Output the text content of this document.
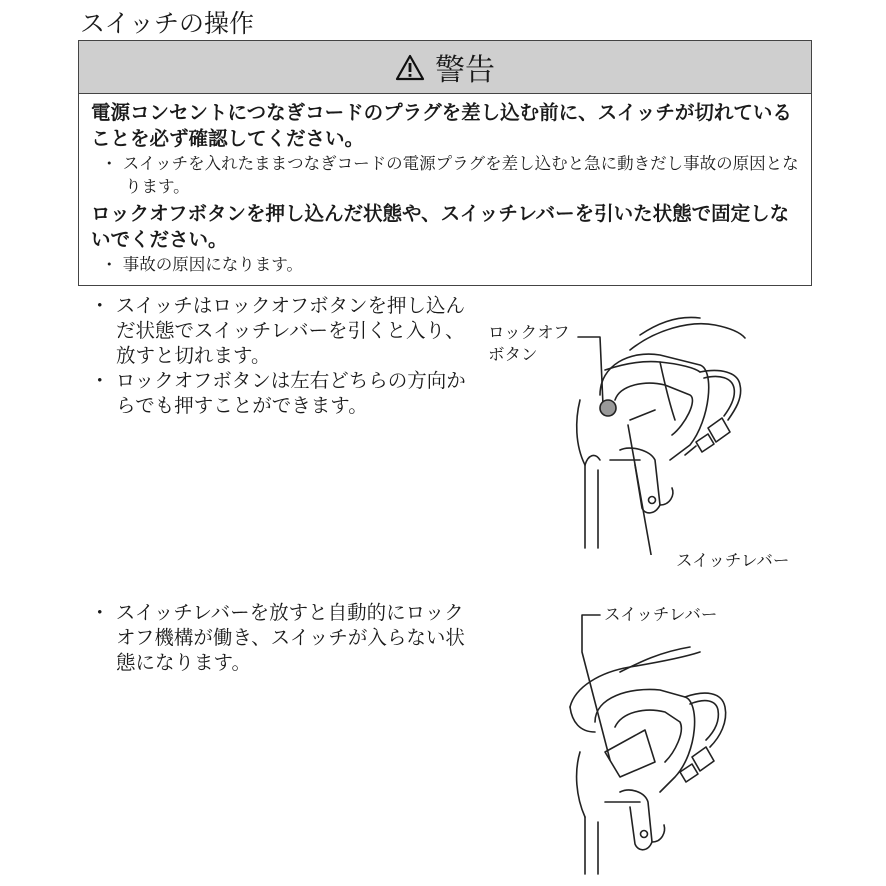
スイッチの操作
警告
電源コンセントにつなぎコードのプラグを差し込む前に、スイッチが切れていることを必ず確認してください。
・ スイッチを入れたままつなぎコードの電源プラグを差し込むと急に動きだし事故の原因となります。
ロックオフボタンを押し込んだ状態や、スイッチレバーを引いた状態で固定しないでください。
・ 事故の原因になります。
・ スイッチはロックオフボタンを押し込んだ状態でスイッチレバーを引くと入り、放すと切れます。
・ ロックオフボタンは左右どちらの方向からでも押すことができます。
・ スイッチレバーを放すと自動的にロックオフ機構が働き、スイッチが入らない状態になります。
ロックオフ
ボタン
スイッチレバー
スイッチレバー
